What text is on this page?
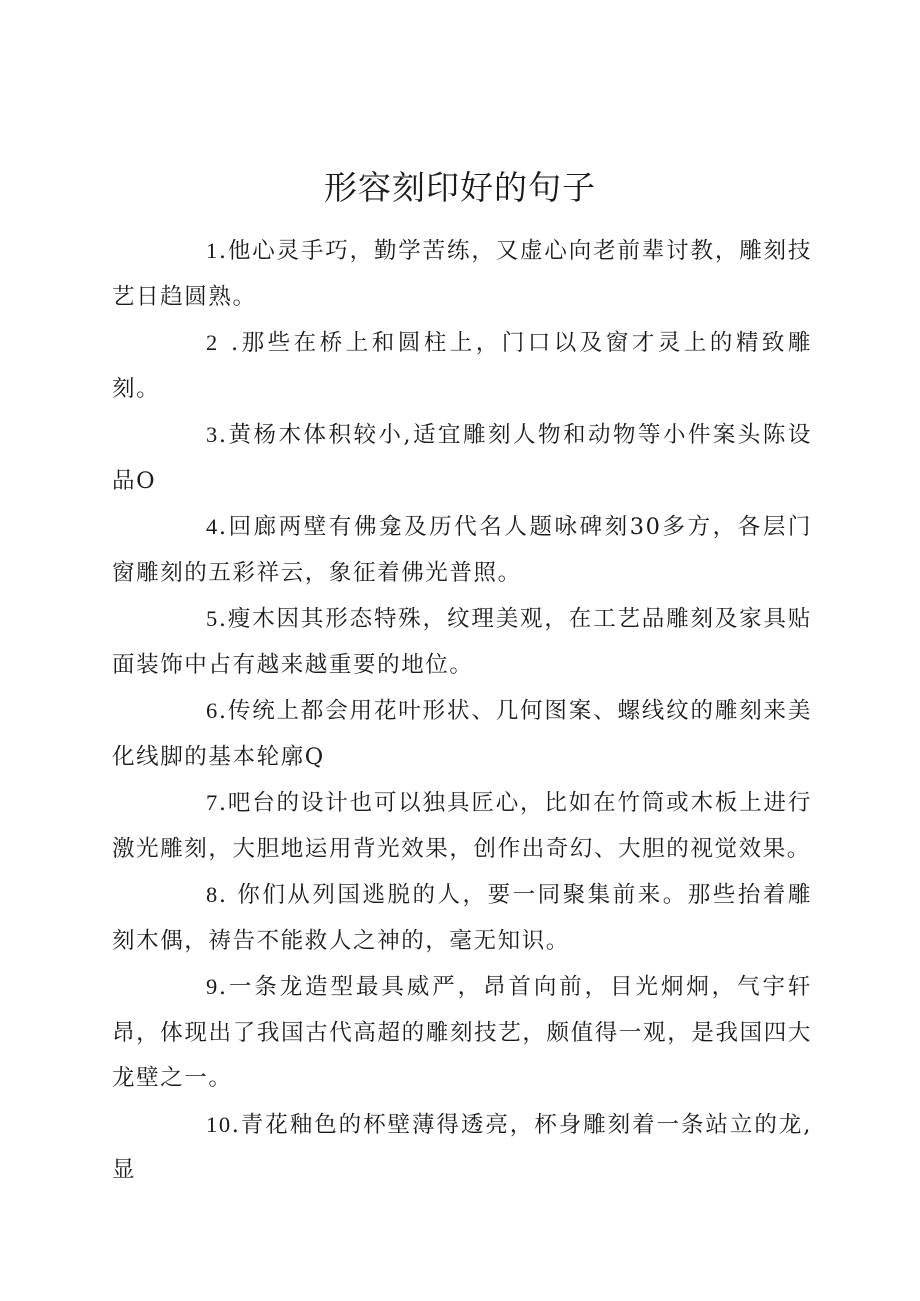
形容刻印好的句子

1.他心灵手巧，勤学苦练，又虚心向老前辈讨教，雕刻技艺日趋圆熟。

2 .那些在桥上和圆柱上，门口以及窗才灵上的精致雕刻。

3.黄杨木体积较小,适宜雕刻人物和动物等小件案头陈设品O

4.回廊两壁有佛龛及历代名人题咏碑刻30多方，各层门窗雕刻的五彩祥云，象征着佛光普照。

5.瘦木因其形态特殊，纹理美观，在工艺品雕刻及家具贴面装饰中占有越来越重要的地位。

6.传统上都会用花叶形状、几何图案、螺线纹的雕刻来美化线脚的基本轮廓Q

7.吧台的设计也可以独具匠心，比如在竹筒或木板上进行激光雕刻，大胆地运用背光效果，创作出奇幻、大胆的视觉效果。

8. 你们从列国逃脱的人，要一同聚集前来。那些抬着雕刻木偶，祷告不能救人之神的，毫无知识。

9.一条龙造型最具威严，昂首向前，目光炯炯，气宇轩昂，体现出了我国古代高超的雕刻技艺，颇值得一观，是我国四大龙壁之一。

10.青花釉色的杯壁薄得透亮，杯身雕刻着一条站立的龙,显
